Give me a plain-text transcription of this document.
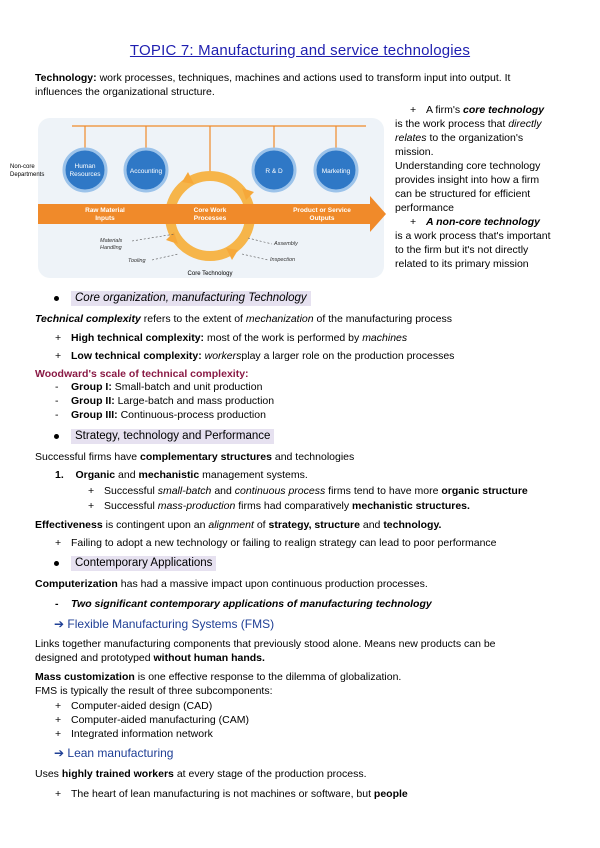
TOPIC 7: Manufacturing and service technologies
Technology: work processes, techniques, machines and actions used to transform input into output. It
influences the organizational structure.
Human
Resources	Accounting	R & D	Marketing
Raw Material
Inputs
Core Work
Processes
Product or Service
Outputs
Non-core
Departments
Materials
Handling
Tooling
Assembly
Inspection
Core Technology
+ A firm's core technology
is the work process that directly
relates to the organization's
mission.
Understanding core technology
provides insight into how a firm
can be structured for efficient
performance
+ A non-core technology
is a work process that's important
to the firm but it's not directly
related to its primary mission
Core organization, manufacturing Technology
Technical complexity refers to the extent of mechanization of the manufacturing process
+ High technical complexity: most of the work is performed by machines
+ Low technical complexity: workersplay a larger role on the production processes
Woodward's scale of technical complexity:
- Group I: Small-batch and unit production
- Group II: Large-batch and mass production
- Group III: Continuous-process production
Strategy, technology and Performance
Successful firms have complementary structures and technologies
1. Organic and mechanistic management systems.
+ Successful small-batch and continuous process firms tend to have more organic structure
+ Successful mass-production firms had comparatively mechanistic structures.
Effectiveness is contingent upon an alignment of strategy, structure and technology.
+ Failing to adopt a new technology or failing to realign strategy can lead to poor performance
Contemporary Applications
Computerization has had a massive impact upon continuous production processes.
- Two significant contemporary applications of manufacturing technology
➔ Flexible Manufacturing Systems (FMS)
Links together manufacturing components that previously stood alone. Means new products can be
designed and prototyped without human hands.
Mass customization is one effective response to the dilemma of globalization.
FMS is typically the result of three subcomponents:
+ Computer-aided design (CAD)
+ Computer-aided manufacturing (CAM)
+ Integrated information network
➔ Lean manufacturing
Uses highly trained workers at every stage of the production process.
+ The heart of lean manufacturing is not machines or software, but people
